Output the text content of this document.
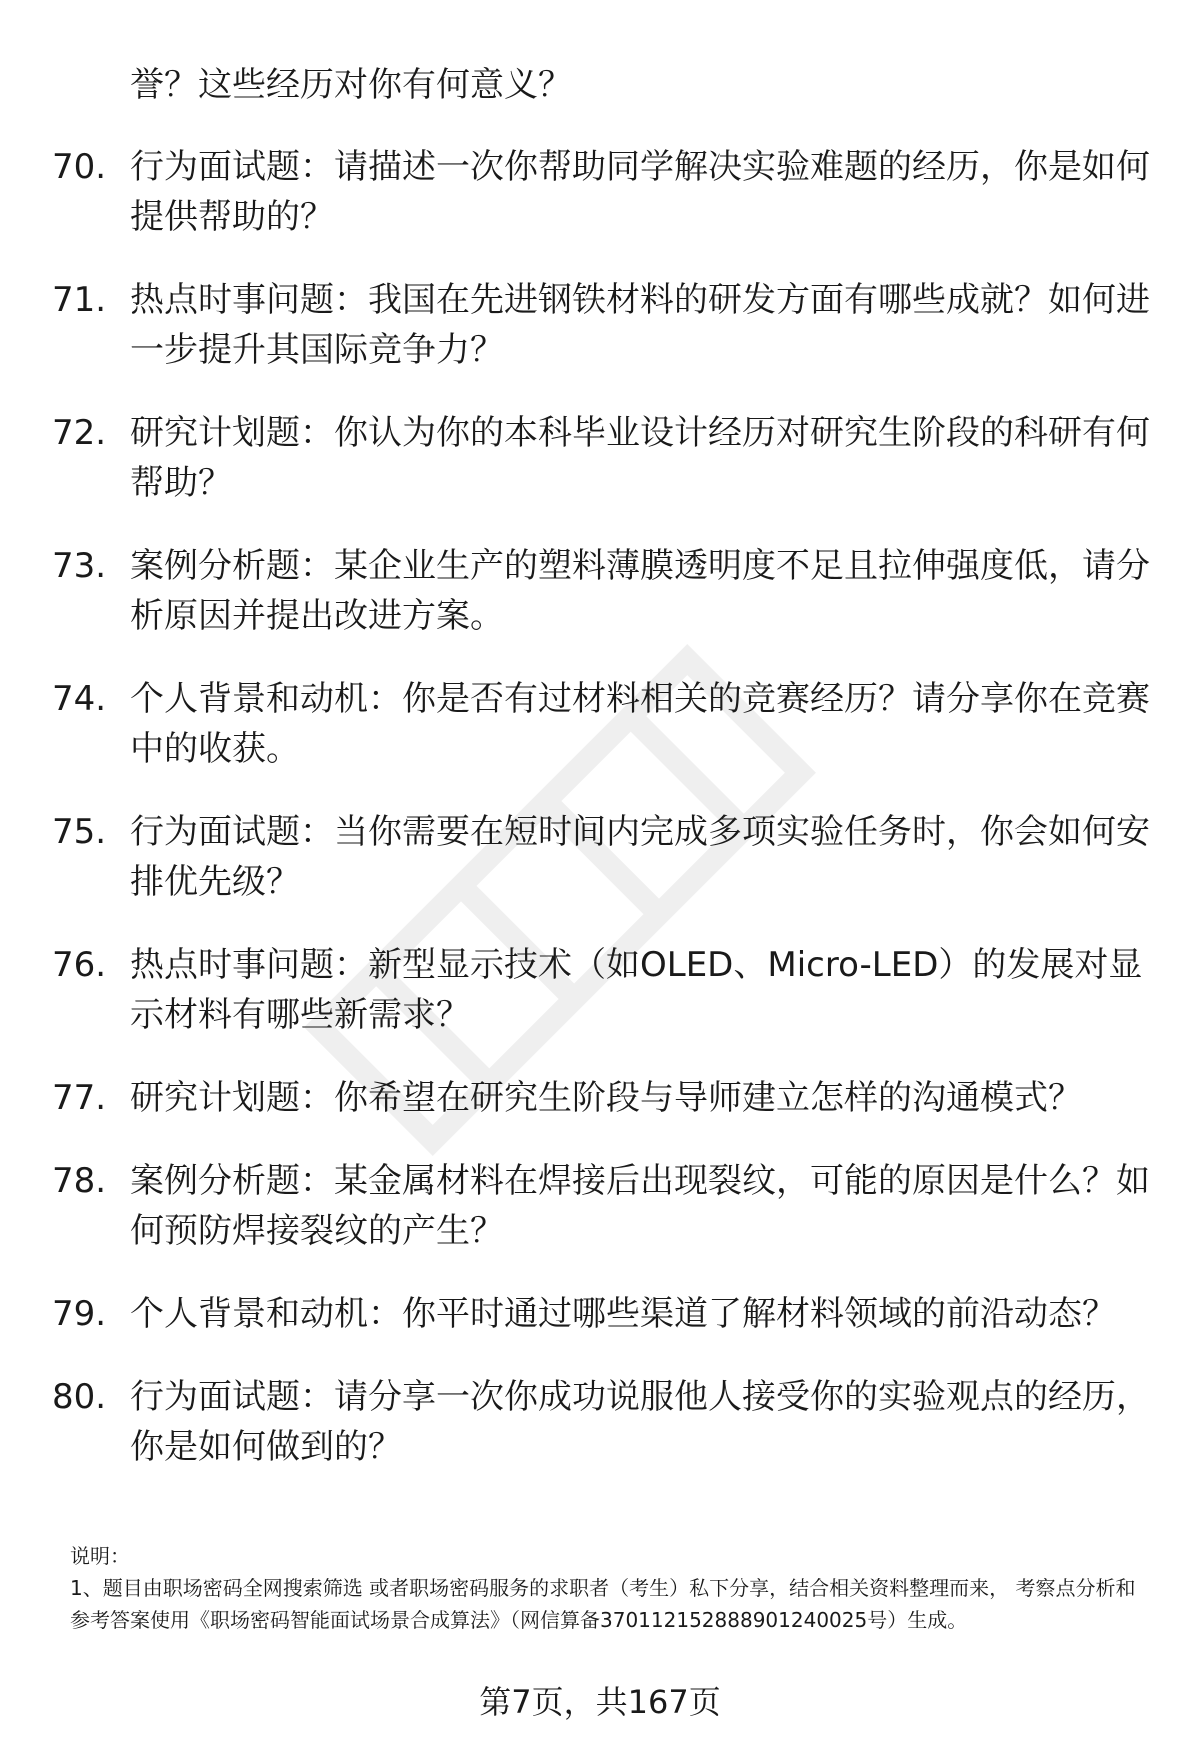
誉？这些经历对你有何意义？

70. 行为面试题：请描述一次你帮助同学解决实验难题的经历，你是如何提供帮助的？
71. 热点时事问题：我国在先进钢铁材料的研发方面有哪些成就？如何进一步提升其国际竞争力？
72. 研究计划题：你认为你的本科毕业设计经历对研究生阶段的科研有何帮助？
73. 案例分析题：某企业生产的塑料薄膜透明度不足且拉伸强度低，请分析原因并提出改进方案。
74. 个人背景和动机：你是否有过材料相关的竞赛经历？请分享你在竞赛中的收获。
75. 行为面试题：当你需要在短时间内完成多项实验任务时，你会如何安排优先级？
76. 热点时事问题：新型显示技术（如OLED、Micro-LED）的发展对显示材料有哪些新需求？
77. 研究计划题：你希望在研究生阶段与导师建立怎样的沟通模式？
78. 案例分析题：某金属材料在焊接后出现裂纹，可能的原因是什么？如何预防焊接裂纹的产生？
79. 个人背景和动机：你平时通过哪些渠道了解材料领域的前沿动态？
80. 行为面试题：请分享一次你成功说服他人接受你的实验观点的经历，你是如何做到的？

说明：

1、题目由职场密码全网搜索筛选 或者职场密码服务的求职者（考生）私下分享，结合相关资料整理而来， 考察点分析和参考答案使用《职场密码智能面试场景合成算法》（网信算备370112152888901240025号）生成。

第7页，共167页
